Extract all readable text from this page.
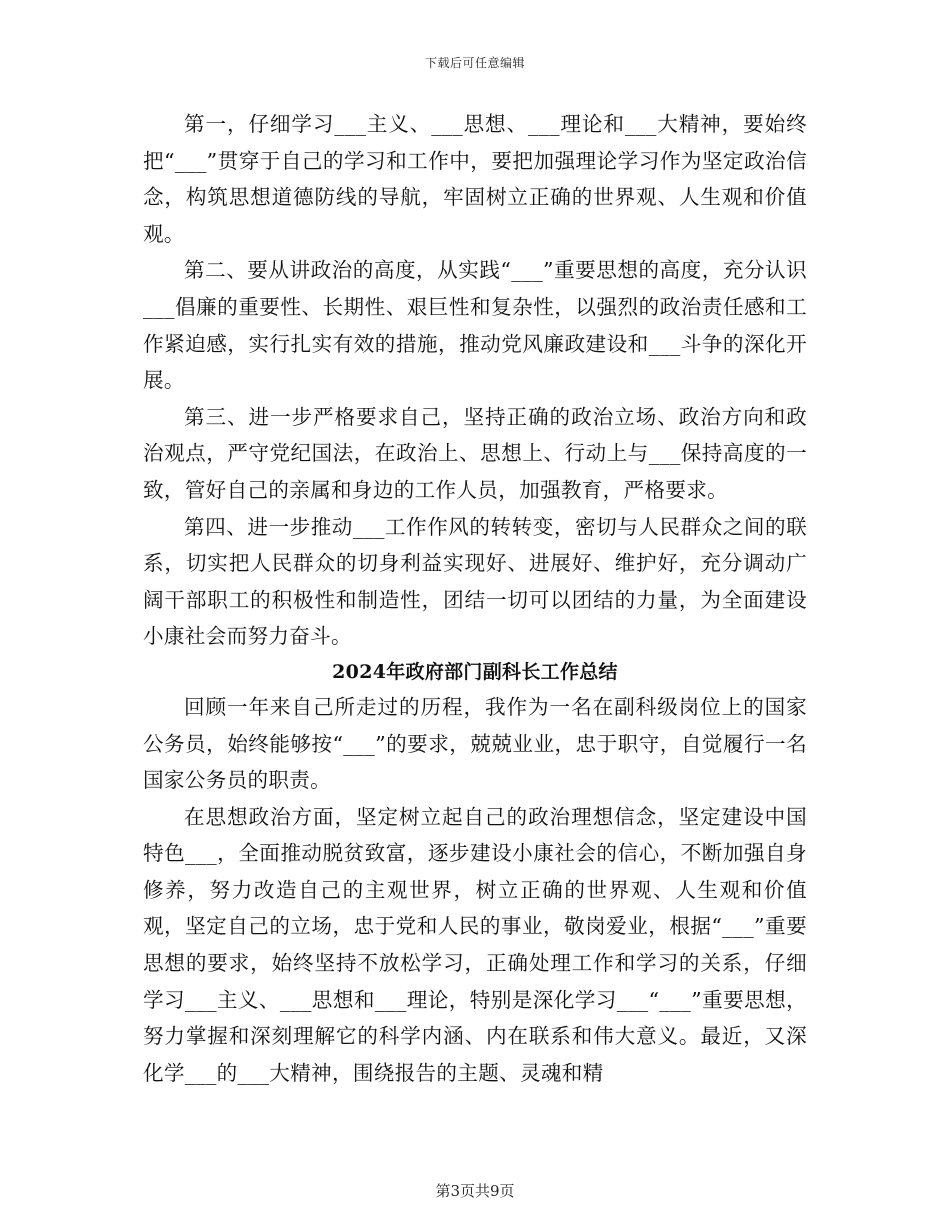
下载后可任意编辑

第一，仔细学习___主义、___思想、___理论和___大精神，要始终把“___”贯穿于自己的学习和工作中，要把加强理论学习作为坚定政治信念，构筑思想道德防线的导航，牢固树立正确的世界观、人生观和价值观。

第二、要从讲政治的高度，从实践“___”重要思想的高度，充分认识___倡廉的重要性、长期性、艰巨性和复杂性，以强烈的政治责任感和工作紧迫感，实行扎实有效的措施，推动党风廉政建设和___斗争的深化开展。

第三、进一步严格要求自己，坚持正确的政治立场、政治方向和政治观点，严守党纪国法，在政治上、思想上、行动上与___保持高度的一致，管好自己的亲属和身边的工作人员，加强教育，严格要求。

第四、进一步推动___工作作风的转转变，密切与人民群众之间的联系，切实把人民群众的切身利益实现好、进展好、维护好，充分调动广阔干部职工的积极性和制造性，团结一切可以团结的力量，为全面建设小康社会而努力奋斗。

2024年政府部门副科长工作总结

回顾一年来自己所走过的历程，我作为一名在副科级岗位上的国家公务员，始终能够按“___”的要求，兢兢业业，忠于职守，自觉履行一名国家公务员的职责。

在思想政治方面，坚定树立起自己的政治理想信念，坚定建设中国特色___，全面推动脱贫致富，逐步建设小康社会的信心，不断加强自身修养，努力改造自己的主观世界，树立正确的世界观、人生观和价值观，坚定自己的立场，忠于党和人民的事业，敬岗爱业，根据“___”重要思想的要求，始终坚持不放松学习，正确处理工作和学习的关系，仔细学习___主义、___思想和___理论，特别是深化学习___“___”重要思想，努力掌握和深刻理解它的科学内涵、内在联系和伟大意义。最近，又深化学___的___大精神，围绕报告的主题、灵魂和精

第3页共9页
